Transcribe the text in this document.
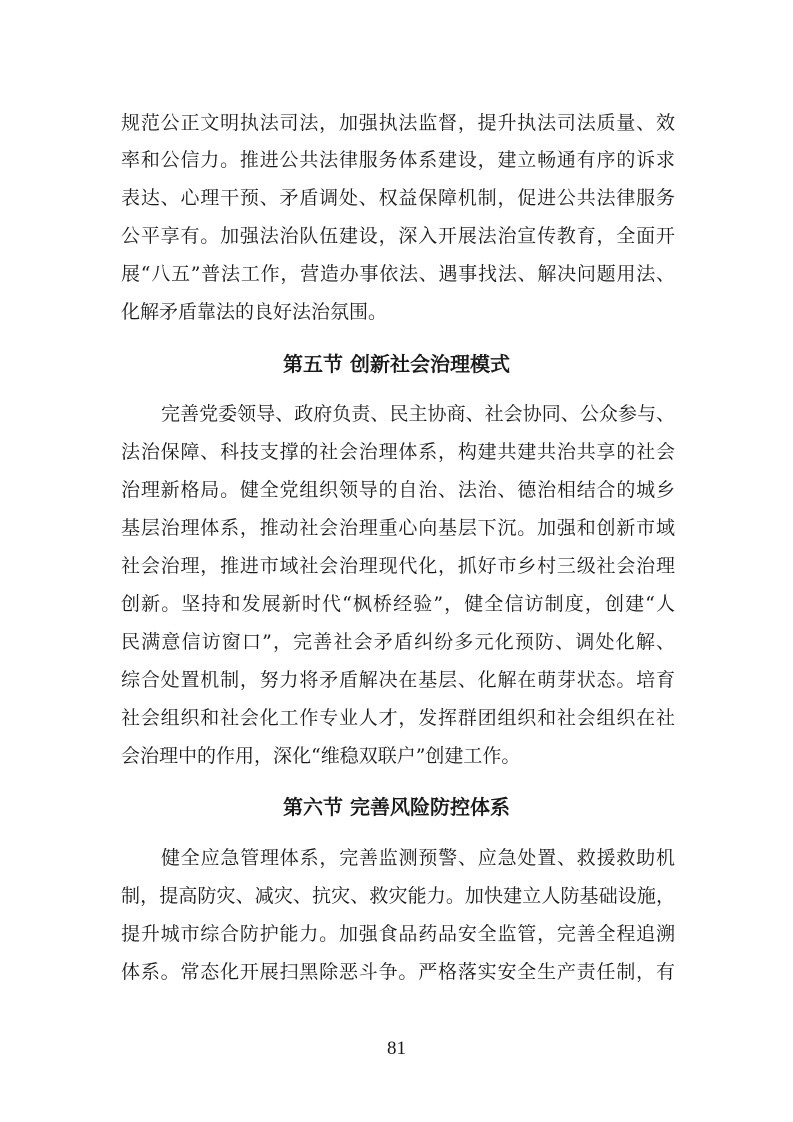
规范公正文明执法司法，加强执法监督，提升执法司法质量、效
率和公信力。推进公共法律服务体系建设，建立畅通有序的诉求
表达、心理干预、矛盾调处、权益保障机制，促进公共法律服务
公平享有。加强法治队伍建设，深入开展法治宣传教育，全面开
展“八五”普法工作，营造办事依法、遇事找法、解决问题用法、
化解矛盾靠法的良好法治氛围。
第五节 创新社会治理模式
完善党委领导、政府负责、民主协商、社会协同、公众参与、
法治保障、科技支撑的社会治理体系，构建共建共治共享的社会
治理新格局。健全党组织领导的自治、法治、德治相结合的城乡
基层治理体系，推动社会治理重心向基层下沉。加强和创新市域
社会治理，推进市域社会治理现代化，抓好市乡村三级社会治理
创新。坚持和发展新时代“枫桥经验”，健全信访制度，创建“人
民满意信访窗口”，完善社会矛盾纠纷多元化预防、调处化解、
综合处置机制，努力将矛盾解决在基层、化解在萌芽状态。培育
社会组织和社会化工作专业人才，发挥群团组织和社会组织在社
会治理中的作用，深化“维稳双联户”创建工作。
第六节 完善风险防控体系
健全应急管理体系，完善监测预警、应急处置、救援救助机
制，提高防灾、减灾、抗灾、救灾能力。加快建立人防基础设施，
提升城市综合防护能力。加强食品药品安全监管，完善全程追溯
体系。常态化开展扫黑除恶斗争。严格落实安全生产责任制，有
81
